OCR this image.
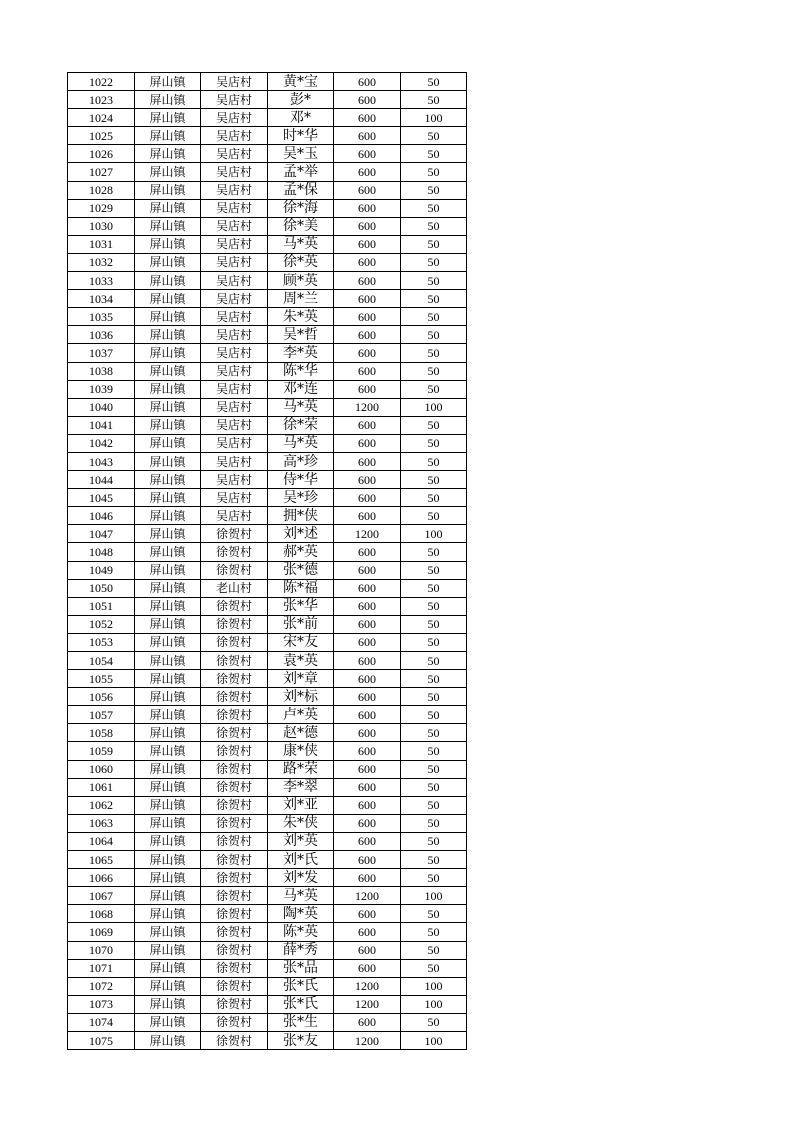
1022	屏山镇	吴店村	黄*宝	600	50
1023	屏山镇	吴店村	彭*	600	50
1024	屏山镇	吴店村	邓*	600	100
1025	屏山镇	吴店村	时*华	600	50
1026	屏山镇	吴店村	吴*玉	600	50
1027	屏山镇	吴店村	孟*举	600	50
1028	屏山镇	吴店村	孟*保	600	50
1029	屏山镇	吴店村	徐*海	600	50
1030	屏山镇	吴店村	徐*美	600	50
1031	屏山镇	吴店村	马*英	600	50
1032	屏山镇	吴店村	徐*英	600	50
1033	屏山镇	吴店村	顾*英	600	50
1034	屏山镇	吴店村	周*兰	600	50
1035	屏山镇	吴店村	朱*英	600	50
1036	屏山镇	吴店村	吴*哲	600	50
1037	屏山镇	吴店村	李*英	600	50
1038	屏山镇	吴店村	陈*华	600	50
1039	屏山镇	吴店村	邓*连	600	50
1040	屏山镇	吴店村	马*英	1200	100
1041	屏山镇	吴店村	徐*荣	600	50
1042	屏山镇	吴店村	马*英	600	50
1043	屏山镇	吴店村	高*珍	600	50
1044	屏山镇	吴店村	侍*华	600	50
1045	屏山镇	吴店村	吴*珍	600	50
1046	屏山镇	吴店村	拥*侠	600	50
1047	屏山镇	徐贺村	刘*述	1200	100
1048	屏山镇	徐贺村	郝*英	600	50
1049	屏山镇	徐贺村	张*德	600	50
1050	屏山镇	老山村	陈*福	600	50
1051	屏山镇	徐贺村	张*华	600	50
1052	屏山镇	徐贺村	张*前	600	50
1053	屏山镇	徐贺村	宋*友	600	50
1054	屏山镇	徐贺村	袁*英	600	50
1055	屏山镇	徐贺村	刘*章	600	50
1056	屏山镇	徐贺村	刘*标	600	50
1057	屏山镇	徐贺村	卢*英	600	50
1058	屏山镇	徐贺村	赵*德	600	50
1059	屏山镇	徐贺村	康*侠	600	50
1060	屏山镇	徐贺村	路*荣	600	50
1061	屏山镇	徐贺村	李*翠	600	50
1062	屏山镇	徐贺村	刘*亚	600	50
1063	屏山镇	徐贺村	朱*侠	600	50
1064	屏山镇	徐贺村	刘*英	600	50
1065	屏山镇	徐贺村	刘*氏	600	50
1066	屏山镇	徐贺村	刘*发	600	50
1067	屏山镇	徐贺村	马*英	1200	100
1068	屏山镇	徐贺村	陶*英	600	50
1069	屏山镇	徐贺村	陈*英	600	50
1070	屏山镇	徐贺村	薛*秀	600	50
1071	屏山镇	徐贺村	张*品	600	50
1072	屏山镇	徐贺村	张*氏	1200	100
1073	屏山镇	徐贺村	张*氏	1200	100
1074	屏山镇	徐贺村	张*生	600	50
1075	屏山镇	徐贺村	张*友	1200	100
